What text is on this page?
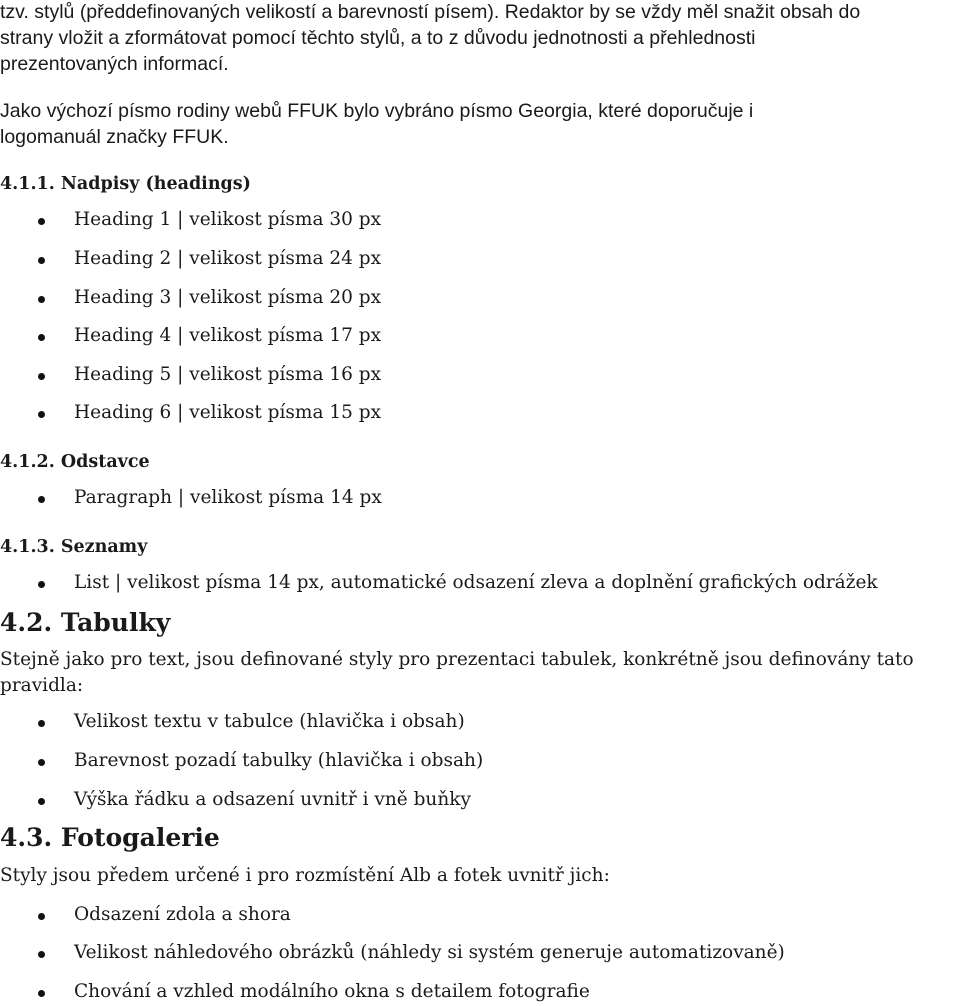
tzv. stylů (předdefinovaných velikostí a barevností písem). Redaktor by se vždy měl snažit obsah do
strany vložit a zformátovat pomocí těchto stylů, a to z důvodu jednotnosti a přehlednosti
prezentovaných informací.
Jako výchozí písmo rodiny webů FFUK bylo vybráno písmo Georgia, které doporučuje i
logomanuál značky FFUK.
4.1.1. Nadpisy (headings)
Heading 1 | velikost písma 30 px
Heading 2 | velikost písma 24 px
Heading 3 | velikost písma 20 px
Heading 4 | velikost písma 17 px
Heading 5 | velikost písma 16 px
Heading 6 | velikost písma 15 px
4.1.2. Odstavce
Paragraph | velikost písma 14 px
4.1.3. Seznamy
List | velikost písma 14 px, automatické odsazení zleva a doplnění grafických odrážek
4.2. Tabulky
Stejně jako pro text, jsou definované styly pro prezentaci tabulek, konkrétně jsou definovány tato
pravidla:
Velikost textu v tabulce (hlavička i obsah)
Barevnost pozadí tabulky (hlavička i obsah)
Výška řádku a odsazení uvnitř i vně buňky
4.3. Fotogalerie
Styly jsou předem určené i pro rozmístění Alb a fotek uvnitř jich:
Odsazení zdola a shora
Velikost náhledového obrázků (náhledy si systém generuje automatizovaně)
Chování a vzhled modálního okna s detailem fotografie
